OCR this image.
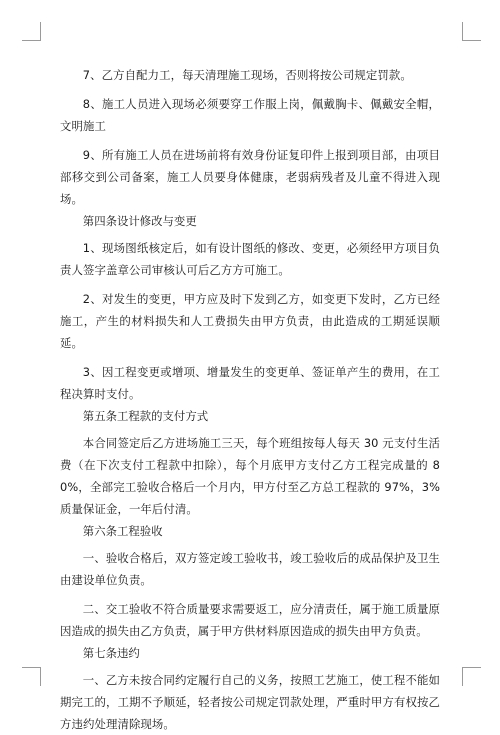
7、乙方自配力工，每天清理施工现场，否则将按公司规定罚款。

8、施工人员进入现场必须要穿工作服上岗，佩戴胸卡、佩戴安全帽，文明施工

9、所有施工人员在进场前将有效身份证复印件上报到项目部，由项目部移交到公司备案，施工人员要身体健康，老弱病残者及儿童不得进入现场。

第四条设计修改与变更

1、现场图纸核定后，如有设计图纸的修改、变更，必须经甲方项目负责人签字盖章公司审核认可后乙方方可施工。

2、对发生的变更，甲方应及时下发到乙方，如变更下发时，乙方已经施工，产生的材料损失和人工费损失由甲方负责，由此造成的工期延误顺延。

3、因工程变更或增项、增量发生的变更单、签证单产生的费用，在工程决算时支付。

第五条工程款的支付方式

本合同签定后乙方进场施工三天，每个班组按每人每天 30 元支付生活费（在下次支付工程款中扣除），每个月底甲方支付乙方工程完成量的 80%，全部完工验收合格后一个月内，甲方付至乙方总工程款的 97%，3%质量保证金，一年后付清。

第六条工程验收

一、验收合格后，双方签定竣工验收书，竣工验收后的成品保护及卫生由建设单位负责。

二、交工验收不符合质量要求需要返工，应分清责任，属于施工质量原因造成的损失由乙方负责，属于甲方供材料原因造成的损失由甲方负责。

第七条违约

一、乙方未按合同约定履行自己的义务，按照工艺施工，使工程不能如期完工的，工期不予顺延，轻者按公司规定罚款处理，严重时甲方有权按乙方违约处理清除现场。
